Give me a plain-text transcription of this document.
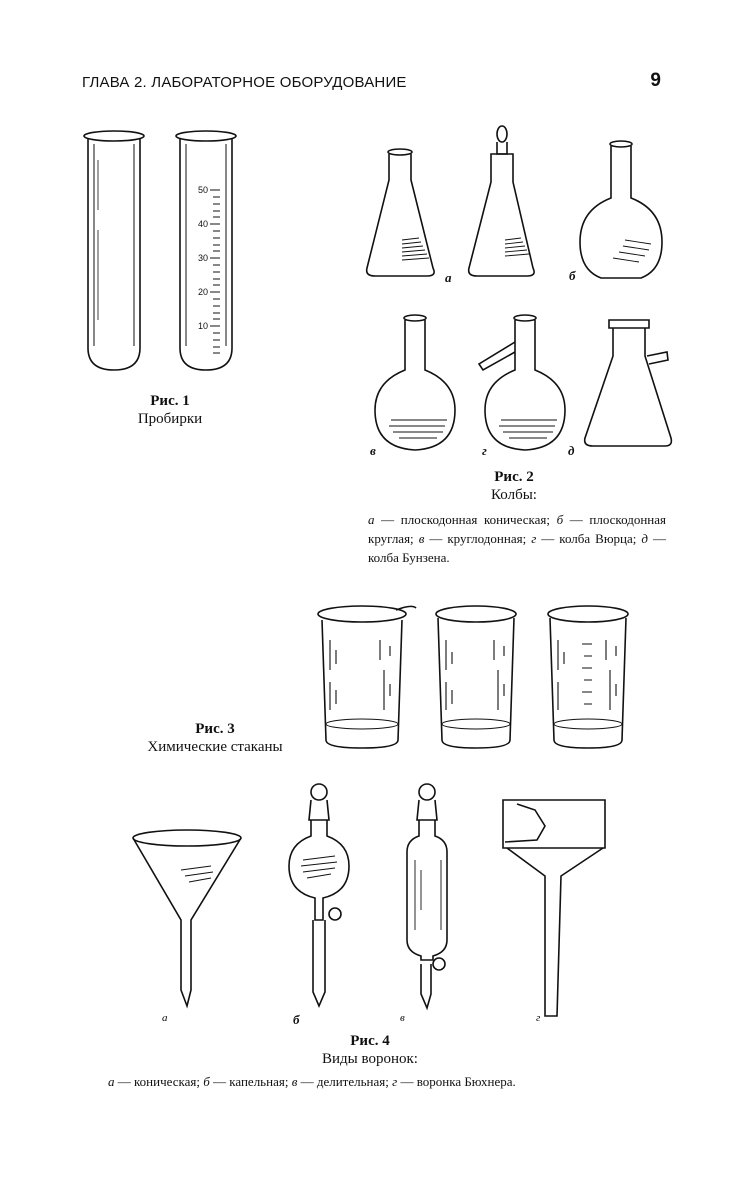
ГЛАВА 2. ЛАБОРАТОРНОЕ ОБОРУДОВАНИЕ	9
50
40
30
20
10
Рис. 1
Пробирки
а	б
в	г	д
Рис. 2
Колбы:
а — плоскодонная коническая; б — плоскодонная круглая; в — круглодонная; г — колба Вюрца; д — колба Бунзена.
Рис. 3
Химические стаканы
а	б	в	г
Рис. 4
Виды воронок:
а — коническая; б — капельная; в — делительная; г — воронка Бюхнера.
